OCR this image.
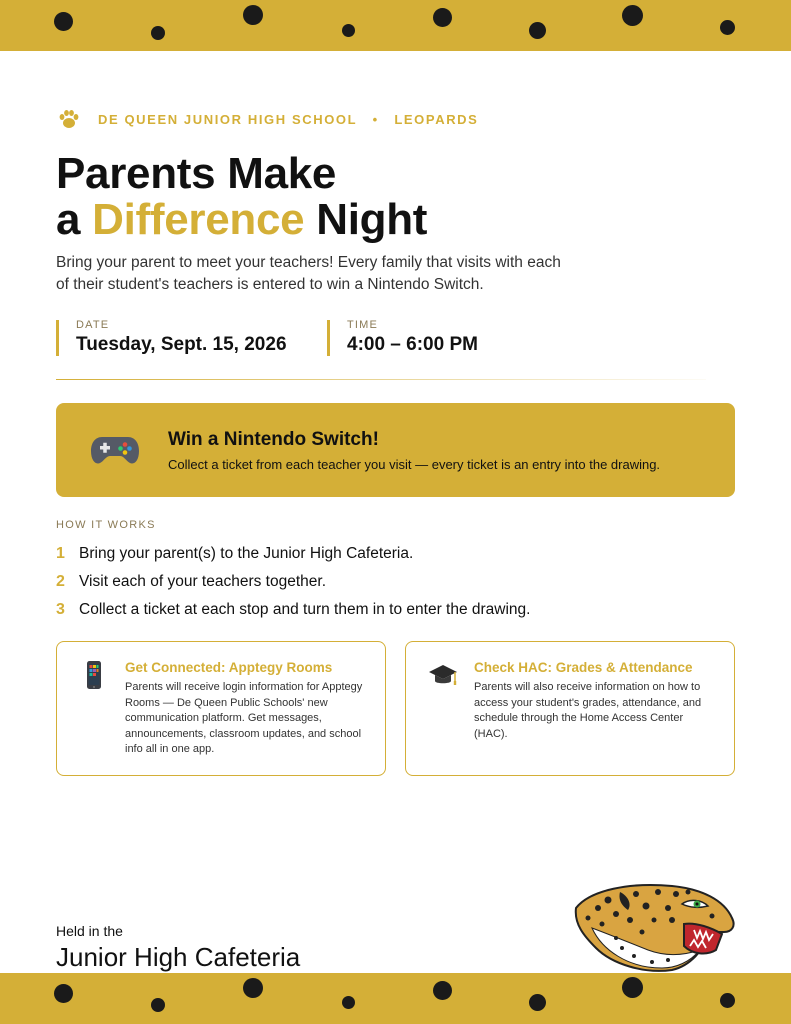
DE QUEEN JUNIOR HIGH SCHOOL • LEOPARDS
Parents Make
a Difference Night

Bring your parent to meet your teachers! Every family that visits with each of their student's teachers is entered to win a Nintendo Switch.

DATE
Tuesday, Sept. 15, 2026
TIME
4:00 – 6:00 PM
Win a Nintendo Switch!
Collect a ticket from each teacher you visit — every ticket is an entry into the drawing.
HOW IT WORKS
1 Bring your parent(s) to the Junior High Cafeteria.
2 Visit each of your teachers together.
3 Collect a ticket at each stop and turn them in to enter the drawing.
Get Connected: Apptegy Rooms
Parents will receive login information for Apptegy Rooms — De Queen Public Schools' new communication platform. Get messages, announcements, classroom updates, and school info all in one app.
Check HAC: Grades & Attendance
Parents will also receive information on how to access your student's grades, attendance, and schedule through the Home Access Center (HAC).
Held in the
Junior High Cafeteria
